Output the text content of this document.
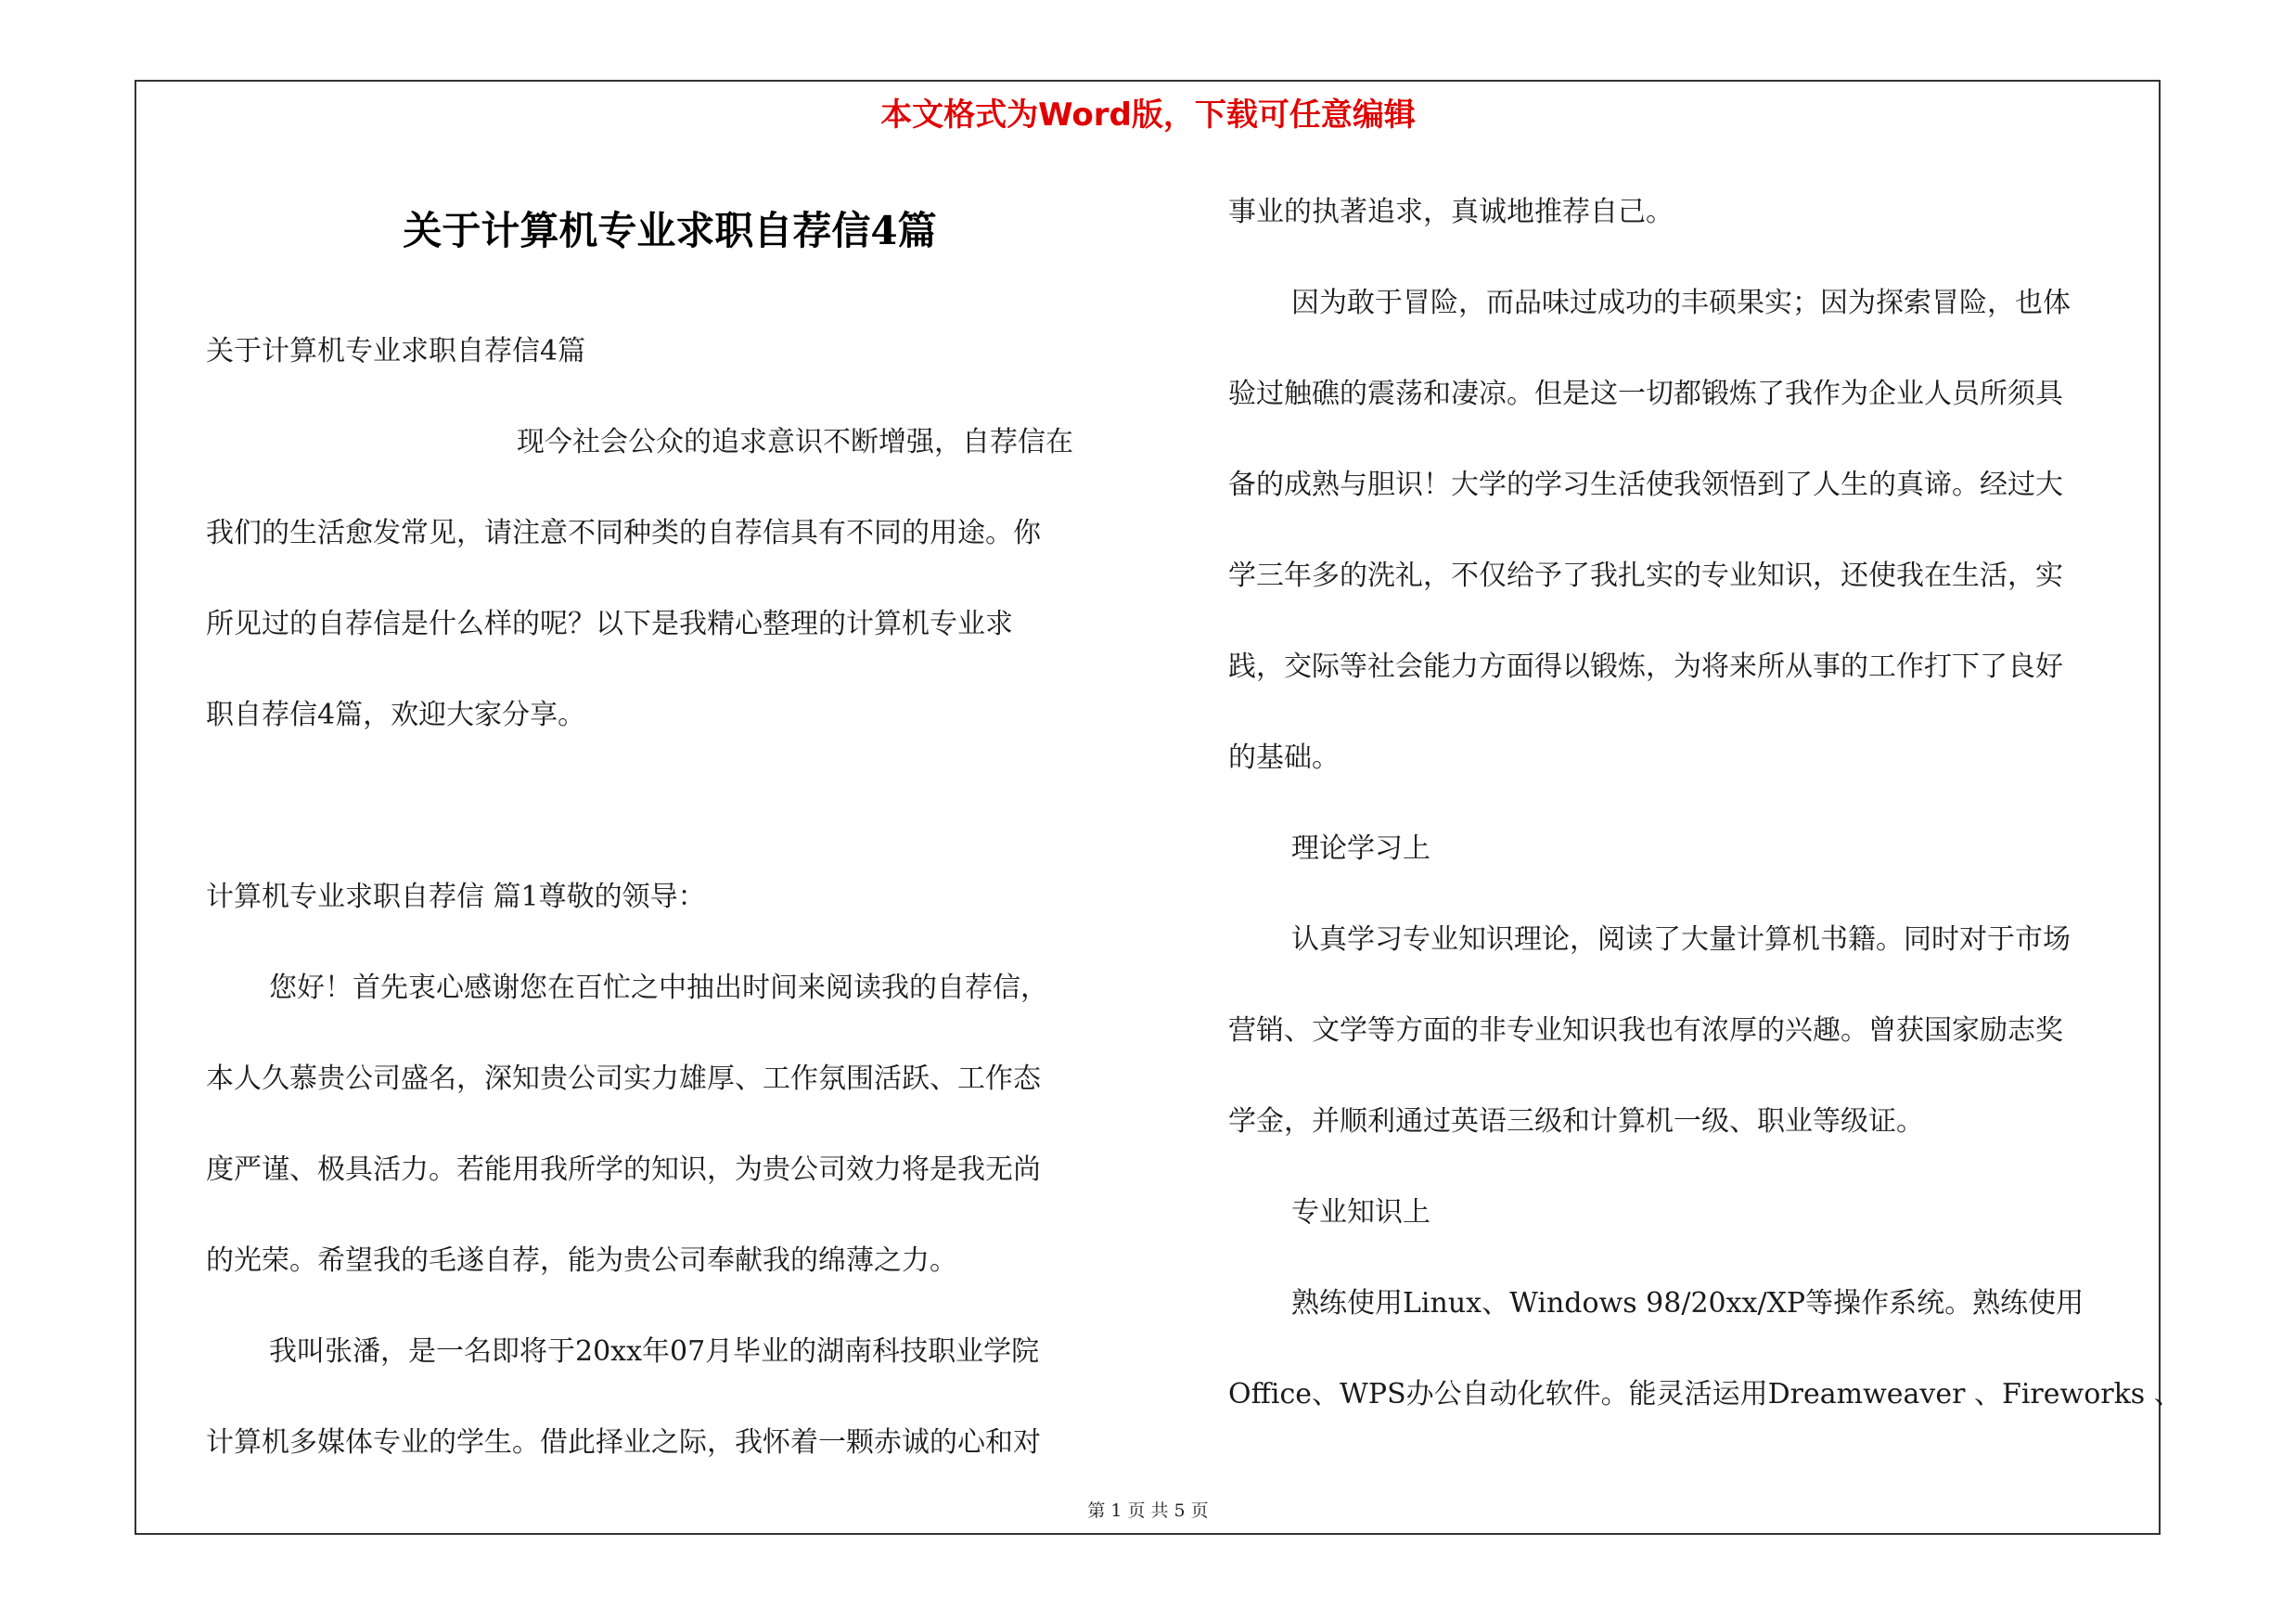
本文格式为Word版，下载可任意编辑
关于计算机专业求职自荐信4篇

关于计算机专业求职自荐信4篇

现今社会公众的追求意识不断增强，自荐信在

我们的生活愈发常见，请注意不同种类的自荐信具有不同的用途。你

所见过的自荐信是什么样的呢？以下是我精心整理的计算机专业求

职自荐信4篇，欢迎大家分享。

计算机专业求职自荐信 篇1尊敬的领导：

您好！首先衷心感谢您在百忙之中抽出时间来阅读我的自荐信，

本人久慕贵公司盛名，深知贵公司实力雄厚、工作氛围活跃、工作态

度严谨、极具活力。若能用我所学的知识，为贵公司效力将是我无尚

的光荣。希望我的毛遂自荐，能为贵公司奉献我的绵薄之力。

我叫张潘，是一名即将于20xx年07月毕业的湖南科技职业学院

计算机多媒体专业的学生。借此择业之际，我怀着一颗赤诚的心和对

事业的执著追求，真诚地推荐自己。

因为敢于冒险，而品味过成功的丰硕果实；因为探索冒险，也体

验过触礁的震荡和凄凉。但是这一切都锻炼了我作为企业人员所须具

备的成熟与胆识！大学的学习生活使我领悟到了人生的真谛。经过大

学三年多的洗礼，不仅给予了我扎实的专业知识，还使我在生活，实

践，交际等社会能力方面得以锻炼，为将来所从事的工作打下了良好

的基础。

理论学习上

认真学习专业知识理论，阅读了大量计算机书籍。同时对于市场

营销、文学等方面的非专业知识我也有浓厚的兴趣。曾获国家励志奖

学金，并顺利通过英语三级和计算机一级、职业等级证。

专业知识上

熟练使用Linux、Windows 98/20xx/XP等操作系统。熟练使用

Office、WPS办公自动化软件。能灵活运用Dreamweaver 、Fireworks 、

第 1 页 共 5 页
